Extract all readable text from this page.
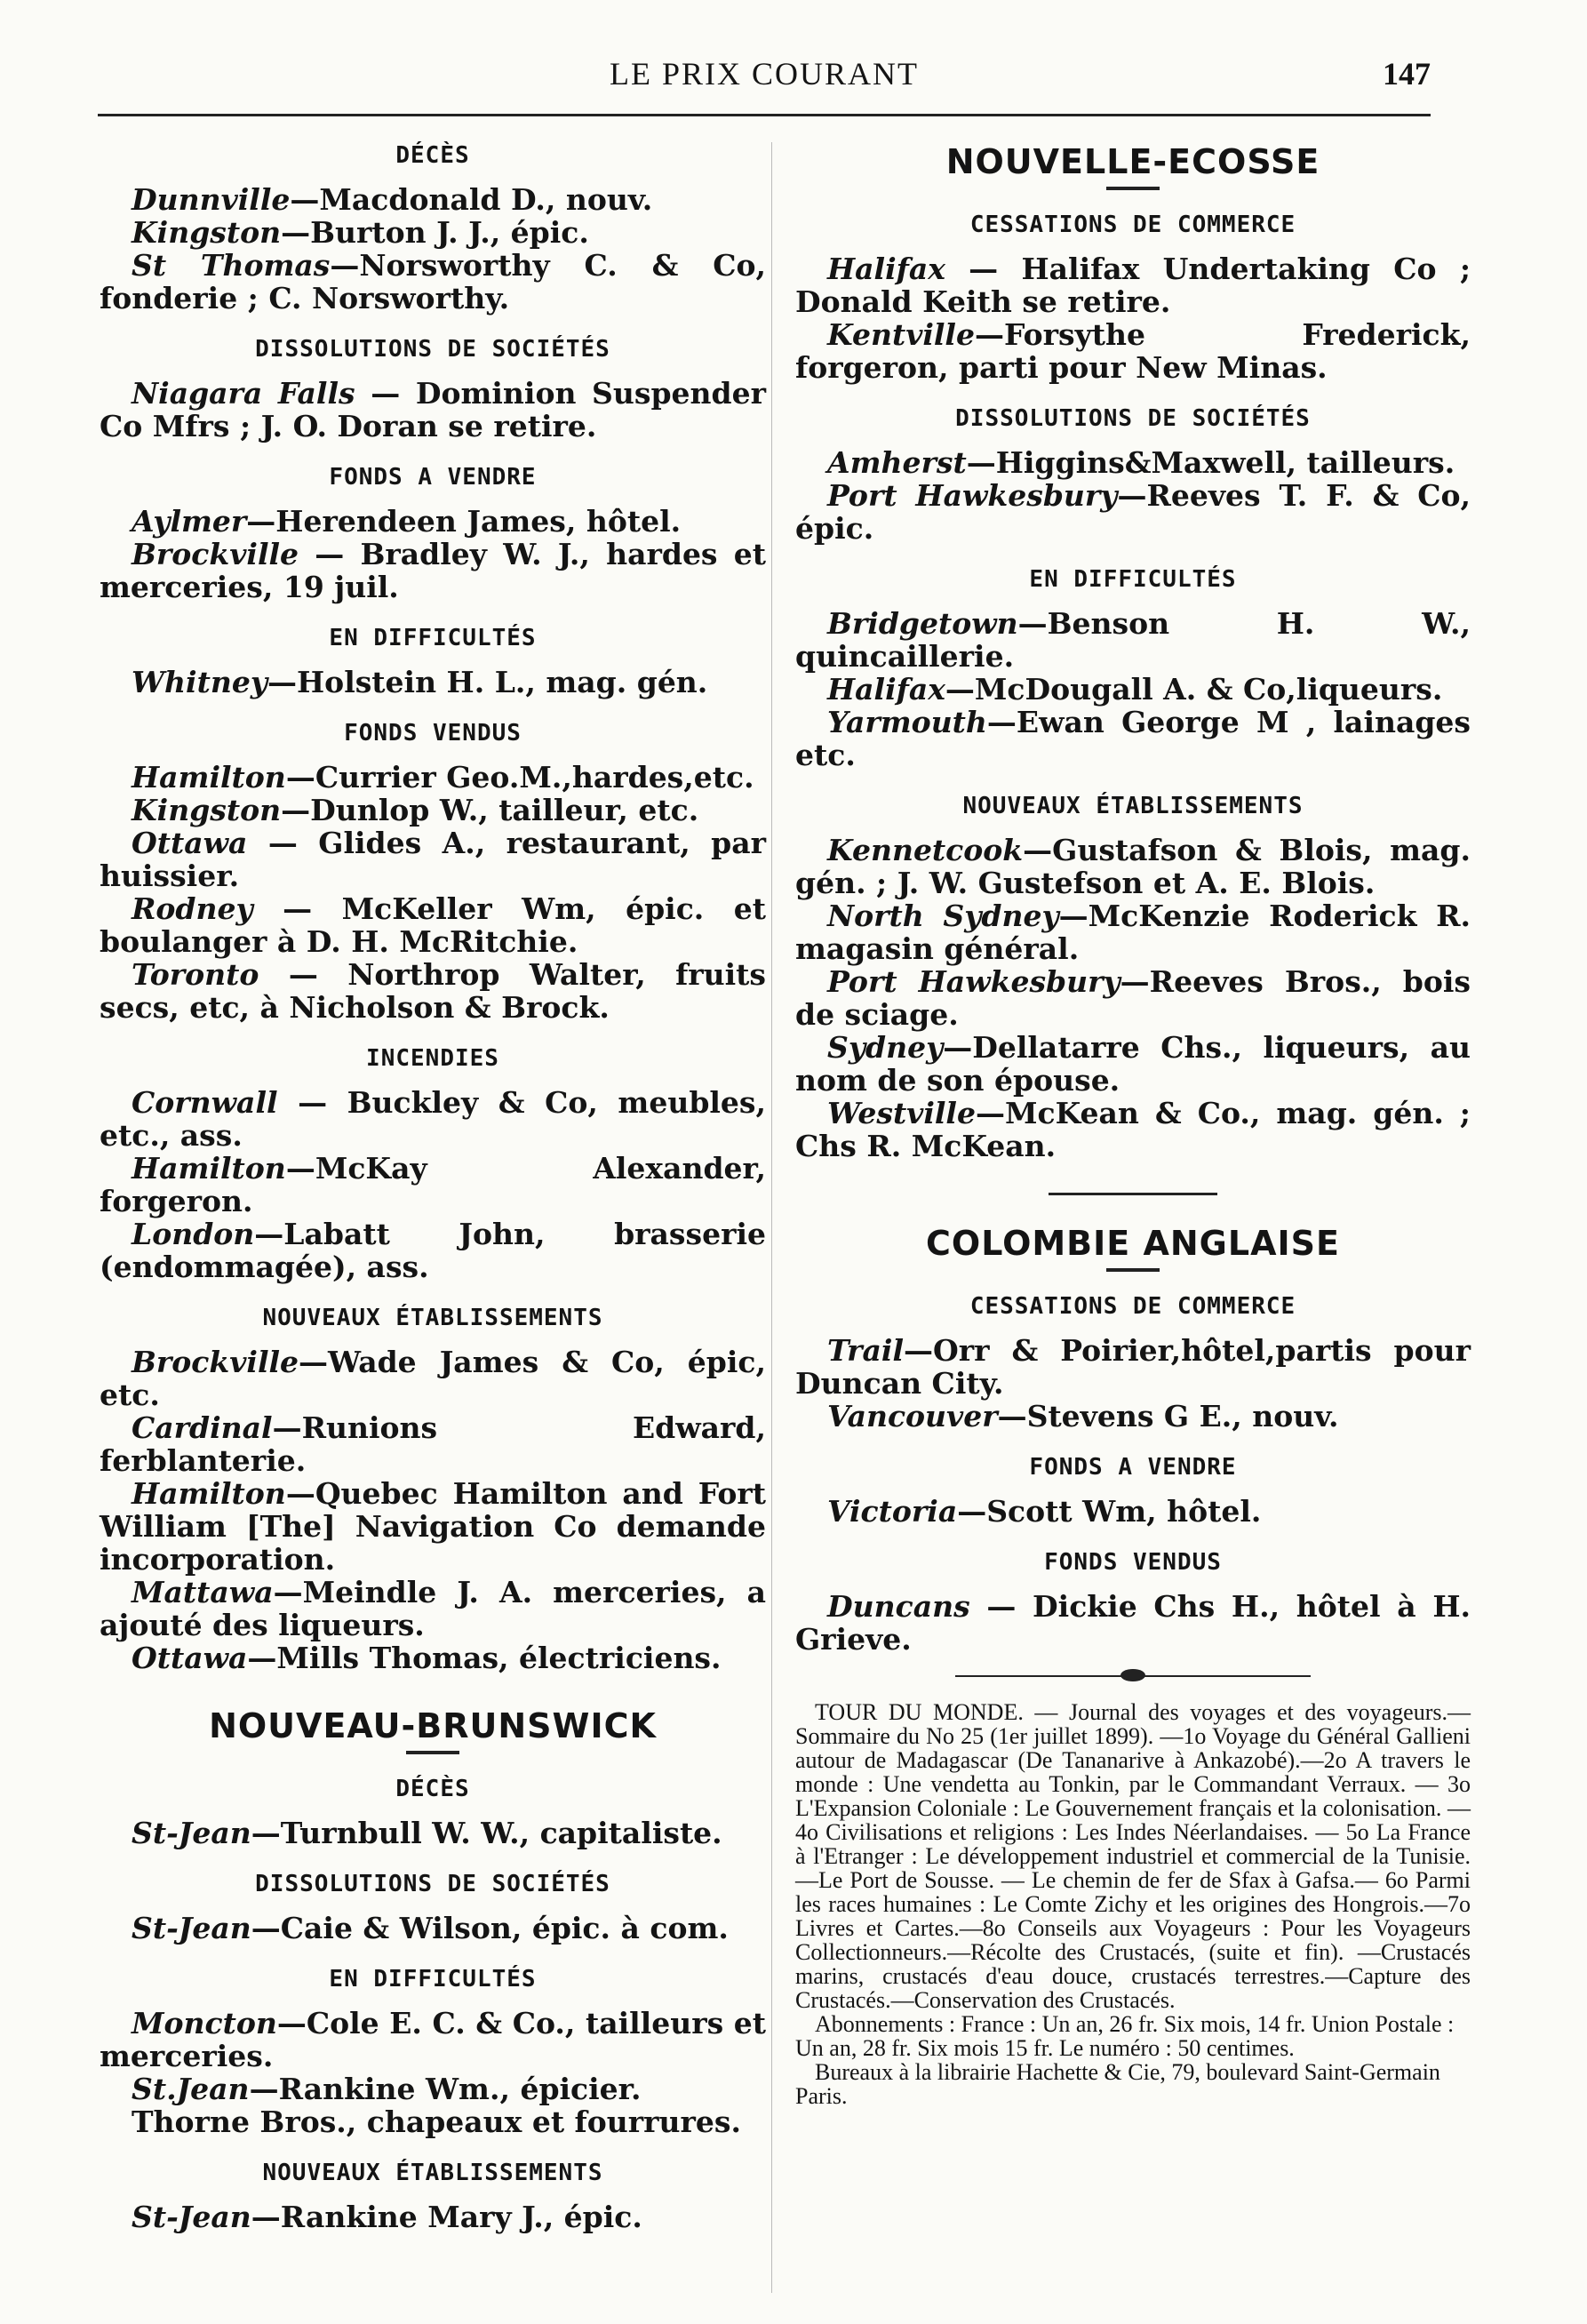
LE PRIX COURANT	147
DÉCÈS

Dunnville—Macdonald D., nouv.

Kingston—Burton J. J., épic.

St Thomas—Norsworthy C. & Co, fonderie ; C. Norsworthy.

DISSOLUTIONS DE SOCIÉTÉS

Niagara Falls — Dominion Suspender Co Mfrs ; J. O. Doran se retire.

FONDS A VENDRE

Aylmer—Herendeen James, hôtel.

Brockville — Bradley W. J., hardes et merceries, 19 juil.

EN DIFFICULTÉS

Whitney—Holstein H. L., mag. gén.

FONDS VENDUS

Hamilton—Currier Geo.M.,hardes,etc.

Kingston—Dunlop W., tailleur, etc.

Ottawa — Glides A., restaurant, par huissier.

Rodney — McKeller Wm, épic. et boulanger à D. H. McRitchie.

Toronto — Northrop Walter, fruits secs, etc, à Nicholson & Brock.

INCENDIES

Cornwall — Buckley & Co, meubles, etc., ass.

Hamilton—McKay Alexander, forgeron.

London—Labatt John, brasserie (endommagée), ass.

NOUVEAUX ÉTABLISSEMENTS

Brockville—Wade James & Co, épic, etc.

Cardinal—Runions Edward, ferblanterie.

Hamilton—Quebec Hamilton and Fort William [The] Navigation Co demande incorporation.

Mattawa—Meindle J. A. merceries, a ajouté des liqueurs.

Ottawa—Mills Thomas, électriciens.

NOUVEAU-BRUNSWICK
DÉCÈS

St-Jean—Turnbull W. W., capitaliste.

DISSOLUTIONS DE SOCIÉTÉS

St-Jean—Caie & Wilson, épic. à com.

EN DIFFICULTÉS

Moncton—Cole E. C. & Co., tailleurs et merceries.

St.Jean—Rankine Wm., épicier.

Thorne Bros., chapeaux et fourrures.

NOUVEAUX ÉTABLISSEMENTS

St-Jean—Rankine Mary J., épic.

NOUVELLE-ECOSSE
CESSATIONS DE COMMERCE

Halifax — Halifax Undertaking Co ; Donald Keith se retire.

Kentville—Forsythe Frederick, forgeron, parti pour New Minas.

DISSOLUTIONS DE SOCIÉTÉS

Amherst—Higgins&Maxwell, tailleurs.

Port Hawkesbury—Reeves T. F. & Co, épic.

EN DIFFICULTÉS

Bridgetown—Benson H. W., quincaillerie.

Halifax—McDougall A. & Co,liqueurs.

Yarmouth—Ewan George M , lainages etc.

NOUVEAUX ÉTABLISSEMENTS

Kennetcook—Gustafson & Blois, mag. gén. ; J. W. Gustefson et A. E. Blois.

North Sydney—McKenzie Roderick R. magasin général.

Port Hawkesbury—Reeves Bros., bois de sciage.

Sydney—Dellatarre Chs., liqueurs, au nom de son épouse.

Westville—McKean & Co., mag. gén. ; Chs R. McKean.

COLOMBIE ANGLAISE
CESSATIONS DE COMMERCE

Trail—Orr & Poirier,hôtel,partis pour Duncan City.

Vancouver—Stevens G E., nouv.

FONDS A VENDRE

Victoria—Scott Wm, hôtel.

FONDS VENDUS

Duncans — Dickie Chs H., hôtel à H. Grieve.

TOUR DU MONDE. — Journal des voyages et des voyageurs.—Sommaire du No 25 (1er juillet 1899). —1o Voyage du Général Gallieni autour de Madagascar (De Tananarive à Ankazobé).—2o A travers le monde : Une vendetta au Tonkin, par le Commandant Verraux. — 3o L'Expansion Coloniale : Le Gouvernement français et la colonisation. — 4o Civilisations et religions : Les Indes Néerlandaises. — 5o La France à l'Etranger : Le développement industriel et commercial de la Tunisie.—Le Port de Sousse. — Le chemin de fer de Sfax à Gafsa.— 6o Parmi les races humaines : Le Comte Zichy et les origines des Hongrois.—7o Livres et Cartes.—8o Conseils aux Voyageurs : Pour les Voyageurs Collectionneurs.—Récolte des Crustacés, (suite et fin). —Crustacés marins, crustacés d'eau douce, crustacés terrestres.—Capture des Crustacés.—Conservation des Crustacés.

Abonnements : France : Un an, 26 fr. Six mois, 14 fr. Union Postale : Un an, 28 fr. Six mois 15 fr. Le numéro : 50 centimes.

Bureaux à la librairie Hachette & Cie, 79, boulevard Saint-Germain Paris.
